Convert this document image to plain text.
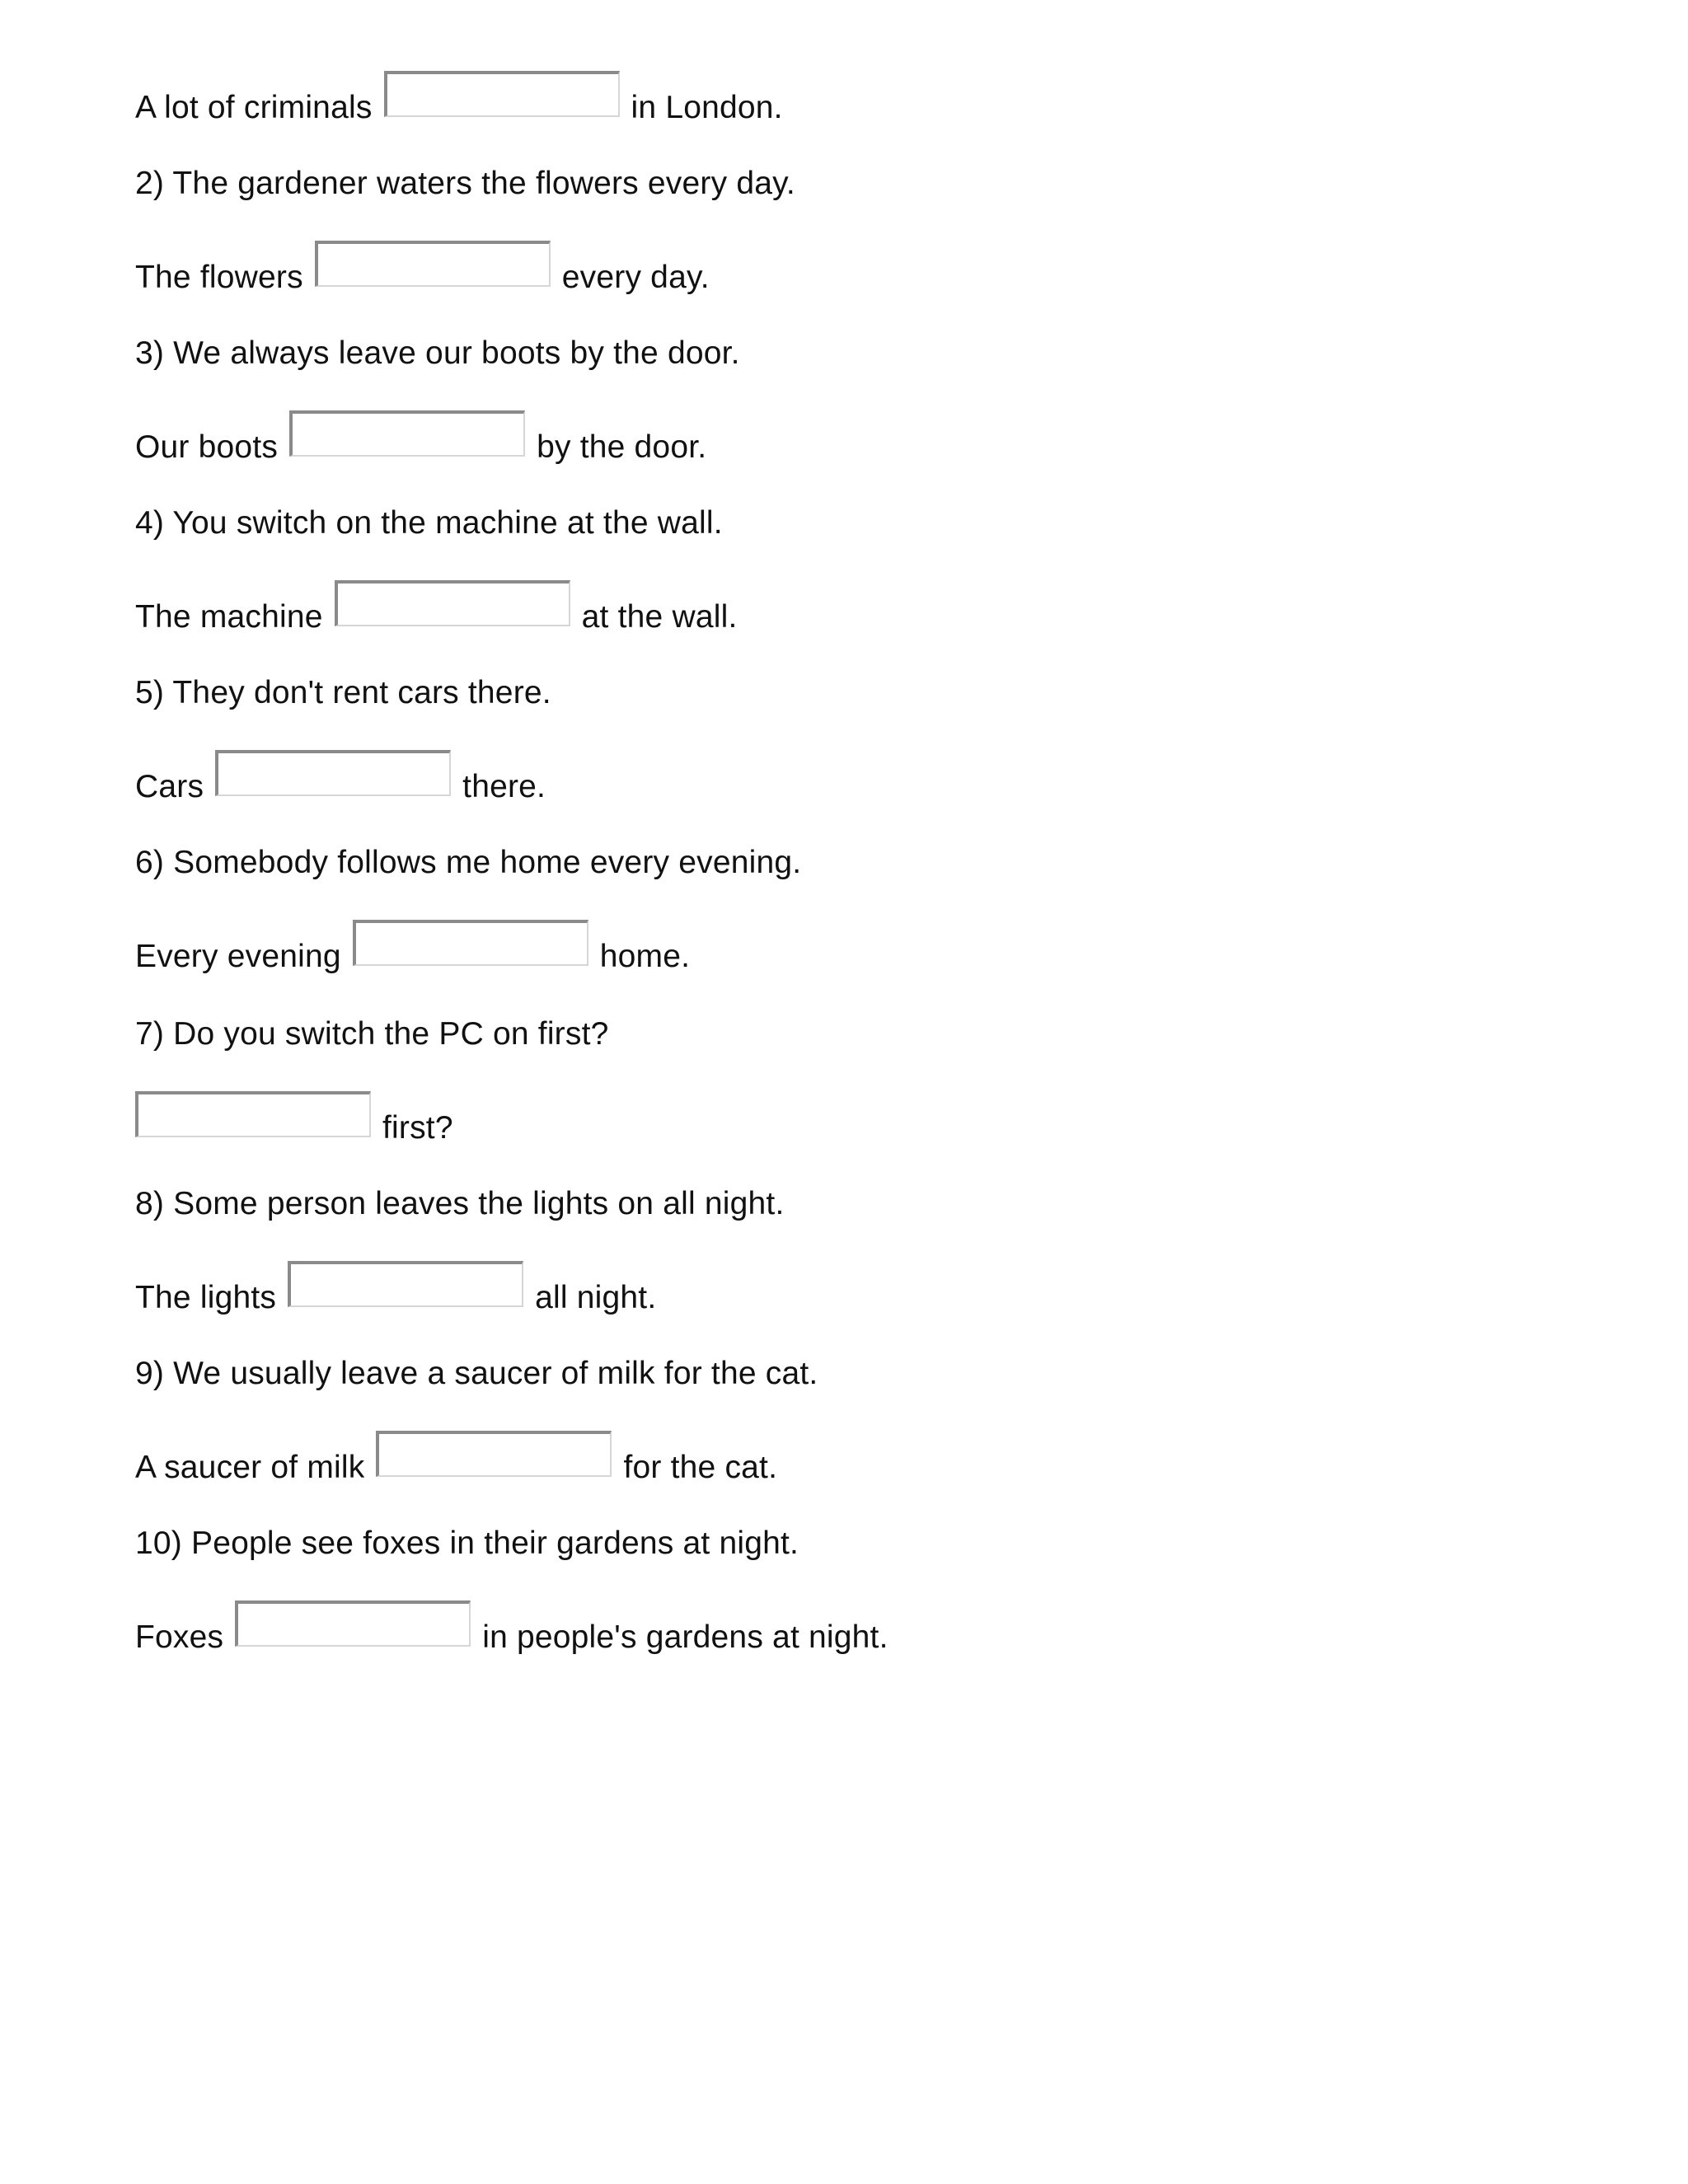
A lot of criminals	in London.
2) The gardener waters the flowers every day.
The flowers	every day.
3) We always leave our boots by the door.
Our boots	by the door.
4) You switch on the machine at the wall.
The machine	at the wall.
5) They don't rent cars there.
Cars	there.
6) Somebody follows me home every evening.
Every evening	home.
7) Do you switch the PC on first?
first?
8) Some person leaves the lights on all night.
The lights	all night.
9) We usually leave a saucer of milk for the cat.
A saucer of milk	for the cat.
10) People see foxes in their gardens at night.
Foxes	in people's gardens at night.
